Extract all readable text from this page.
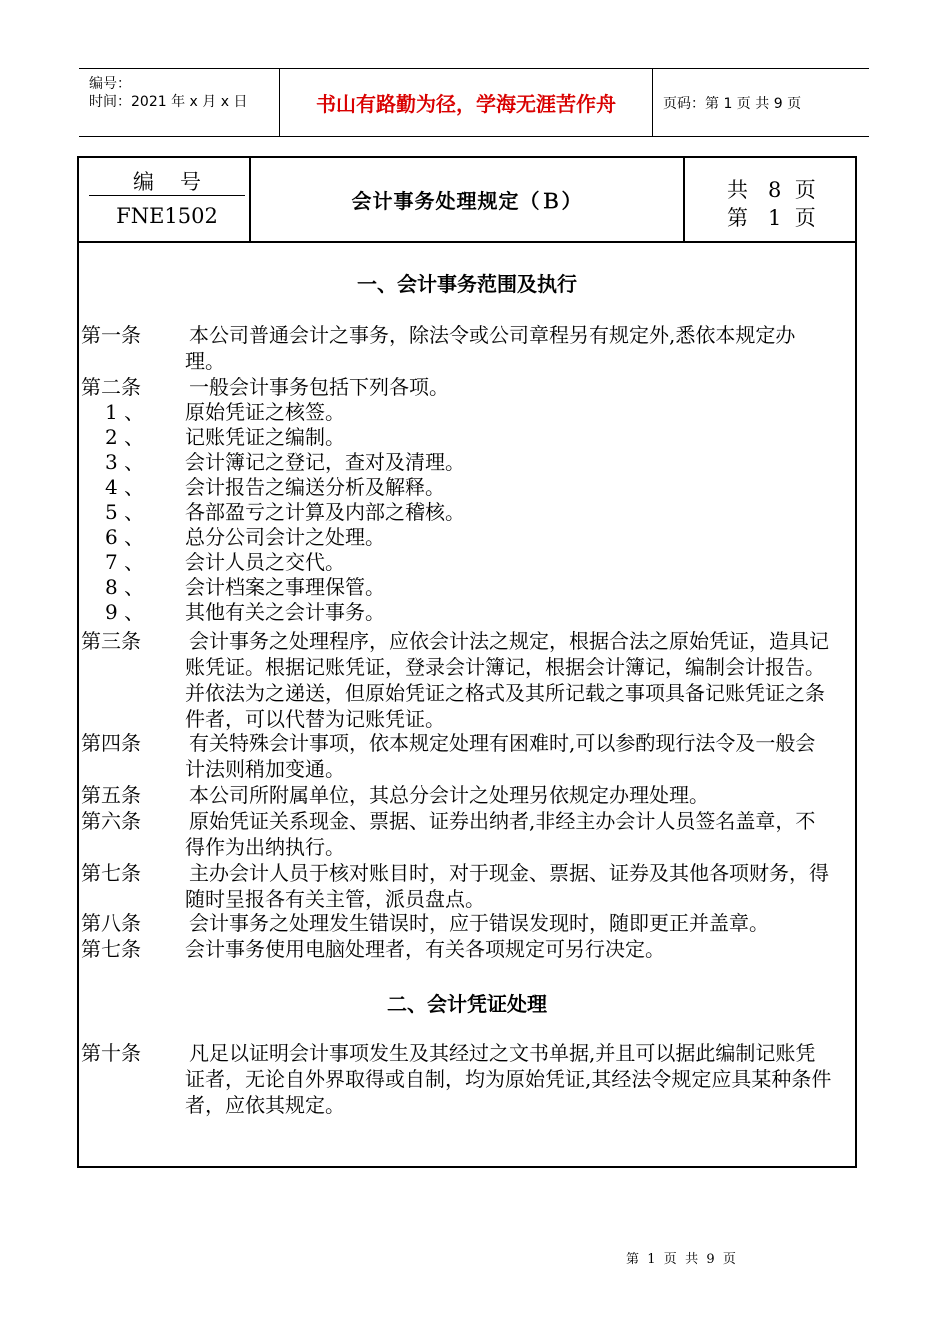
编号：
时间：2021 年 x 月 x 日	书山有路勤为径，学海无涯苦作舟	页码：第 1 页 共 9 页
编号
FNE1502
会计事务处理规定（Ｂ）	共   8  页
第   1  页
一、会计事务范围及执行
第一条	本公司普通会计之事务，除法令或公司章程另有规定外,悉依本规定办理。
第二条	一般会计事务包括下列各项。
1 、	原始凭证之核签。
2 、	记账凭证之编制。
3 、	会计簿记之登记，查对及清理。
4 、	会计报告之编送分析及解释。
5 、	各部盈亏之计算及内部之稽核。
6 、	总分公司会计之处理。
7 、	会计人员之交代。
8 、	会计档案之事理保管。
9 、	其他有关之会计事务。
第三条	会计事务之处理程序，应依会计法之规定，根据合法之原始凭证，造具记账凭证。根据记账凭证，登录会计簿记，根据会计簿记，编制会计报告。并依法为之递送，但原始凭证之格式及其所记载之事项具备记账凭证之条件者，可以代替为记账凭证。
第四条	有关特殊会计事项，依本规定处理有困难时,可以参酌现行法令及一般会计法则稍加变通。
第五条	本公司所附属单位，其总分会计之处理另依规定办理处理。
第六条	原始凭证关系现金、票据、证券出纳者,非经主办会计人员签名盖章，不得作为出纳执行。
第七条	主办会计人员于核对账目时，对于现金、票据、证券及其他各项财务，得随时呈报各有关主管，派员盘点。
第八条	会计事务之处理发生错误时，应于错误发现时，随即更正并盖章。
第七条	会计事务使用电脑处理者，有关各项规定可另行决定。
二、会计凭证处理
第十条	凡足以证明会计事项发生及其经过之文书单据,并且可以据此编制记账凭证者，无论自外界取得或自制，均为原始凭证,其经法令规定应具某种条件者，应依其规定。
第  1  页  共  9  页
